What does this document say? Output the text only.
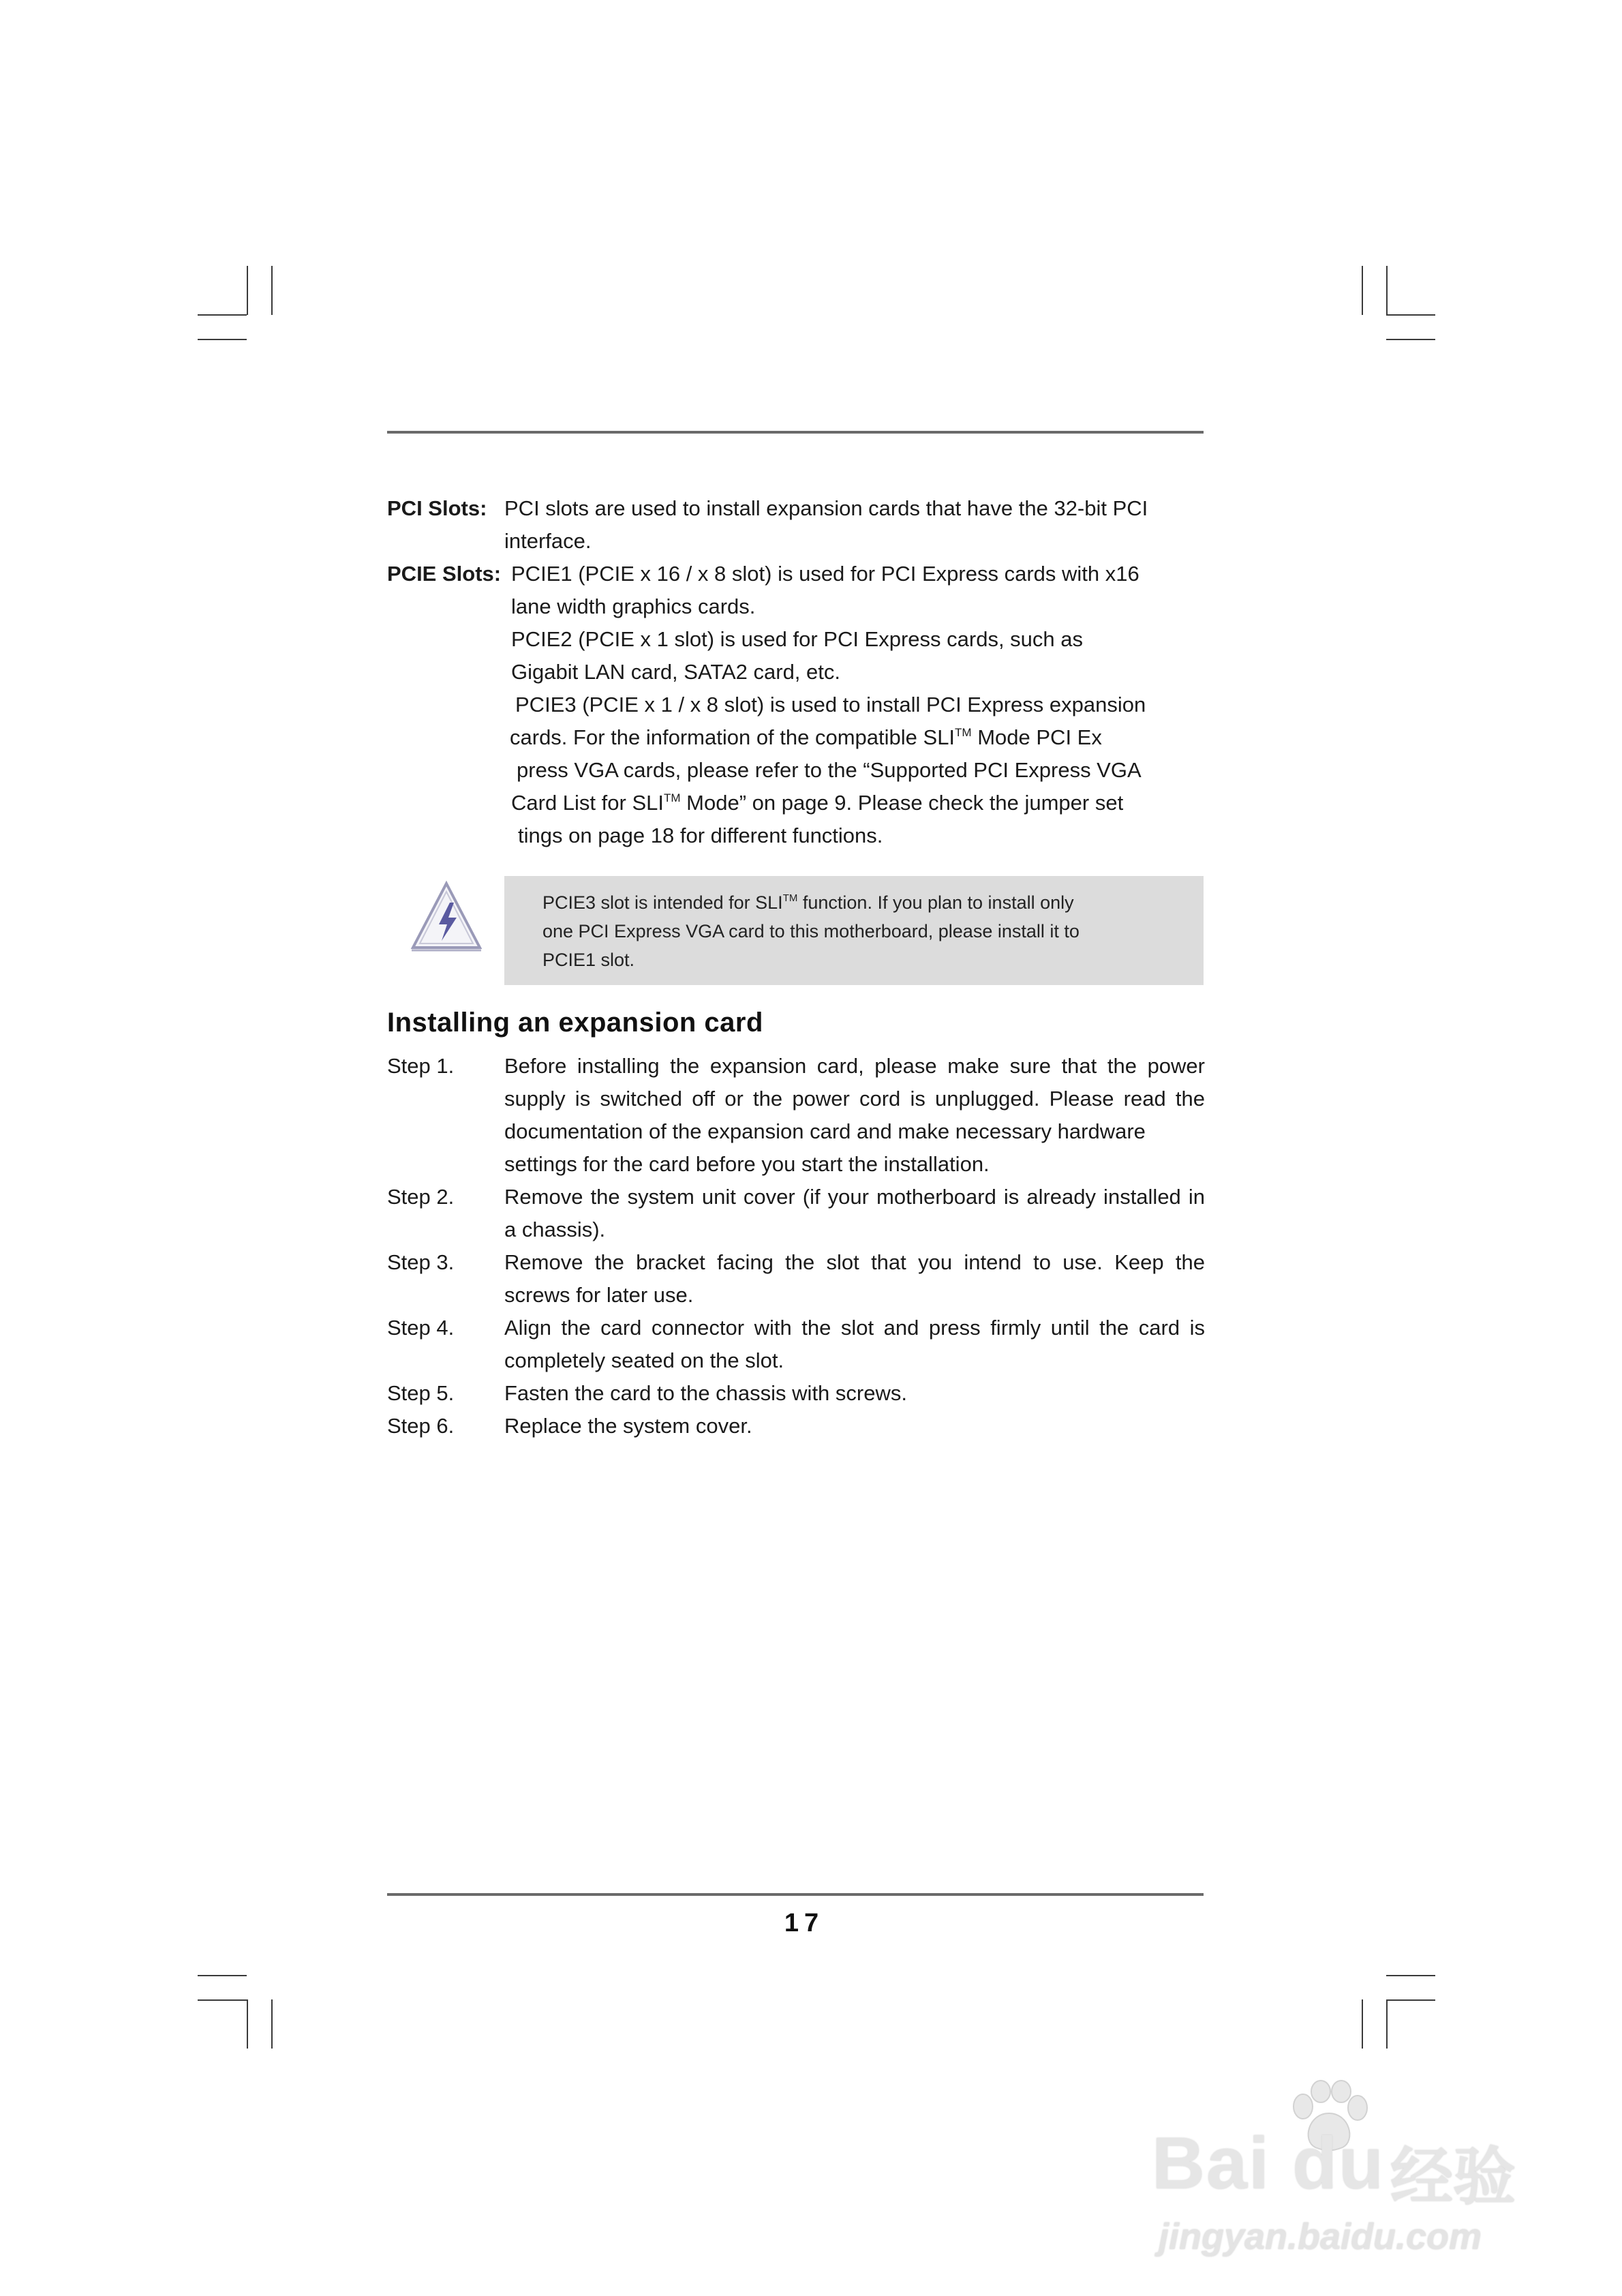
PCI Slots: PCI slots are used to install expansion cards that have the 32-bit PCI
interface.
PCIE Slots: PCIE1 (PCIE x 16 / x 8 slot) is used for PCI Express cards with x16
lane width graphics cards.
PCIE2 (PCIE x 1 slot) is used for PCI Express cards, such as
Gigabit LAN card, SATA2 card, etc.
PCIE3 (PCIE x 1 / x 8 slot) is used to install PCI Express expansion
cards. For the information of the compatible SLI™ Mode PCI Ex
press VGA cards, please refer to the “Supported PCI Express VGA
Card List for SLI™ Mode” on page 9. Please check the jumper set
tings on page 18 for different functions.
PCIE3 slot is intended for SLI™ function. If you plan to install only
one PCI Express VGA card to this motherboard, please install it to
PCIE1 slot.
Installing an expansion card
Step 1. Before installing the expansion card, please make sure that the power
supply is switched off or the power cord is unplugged. Please read the
documentation of the expansion card and make necessary hardware
settings for the card before you start the installation.
Step 2. Remove the system unit cover (if your motherboard is already installed in
a chassis).
Step 3. Remove the bracket facing the slot that you intend to use. Keep the
screws for later use.
Step 4. Align the card connector with the slot and press firmly until the card is
completely seated on the slot.
Step 5. Fasten the card to the chassis with screws.
Step 6. Replace the system cover.
17
Bai du 经验
jingyan.baidu.com
